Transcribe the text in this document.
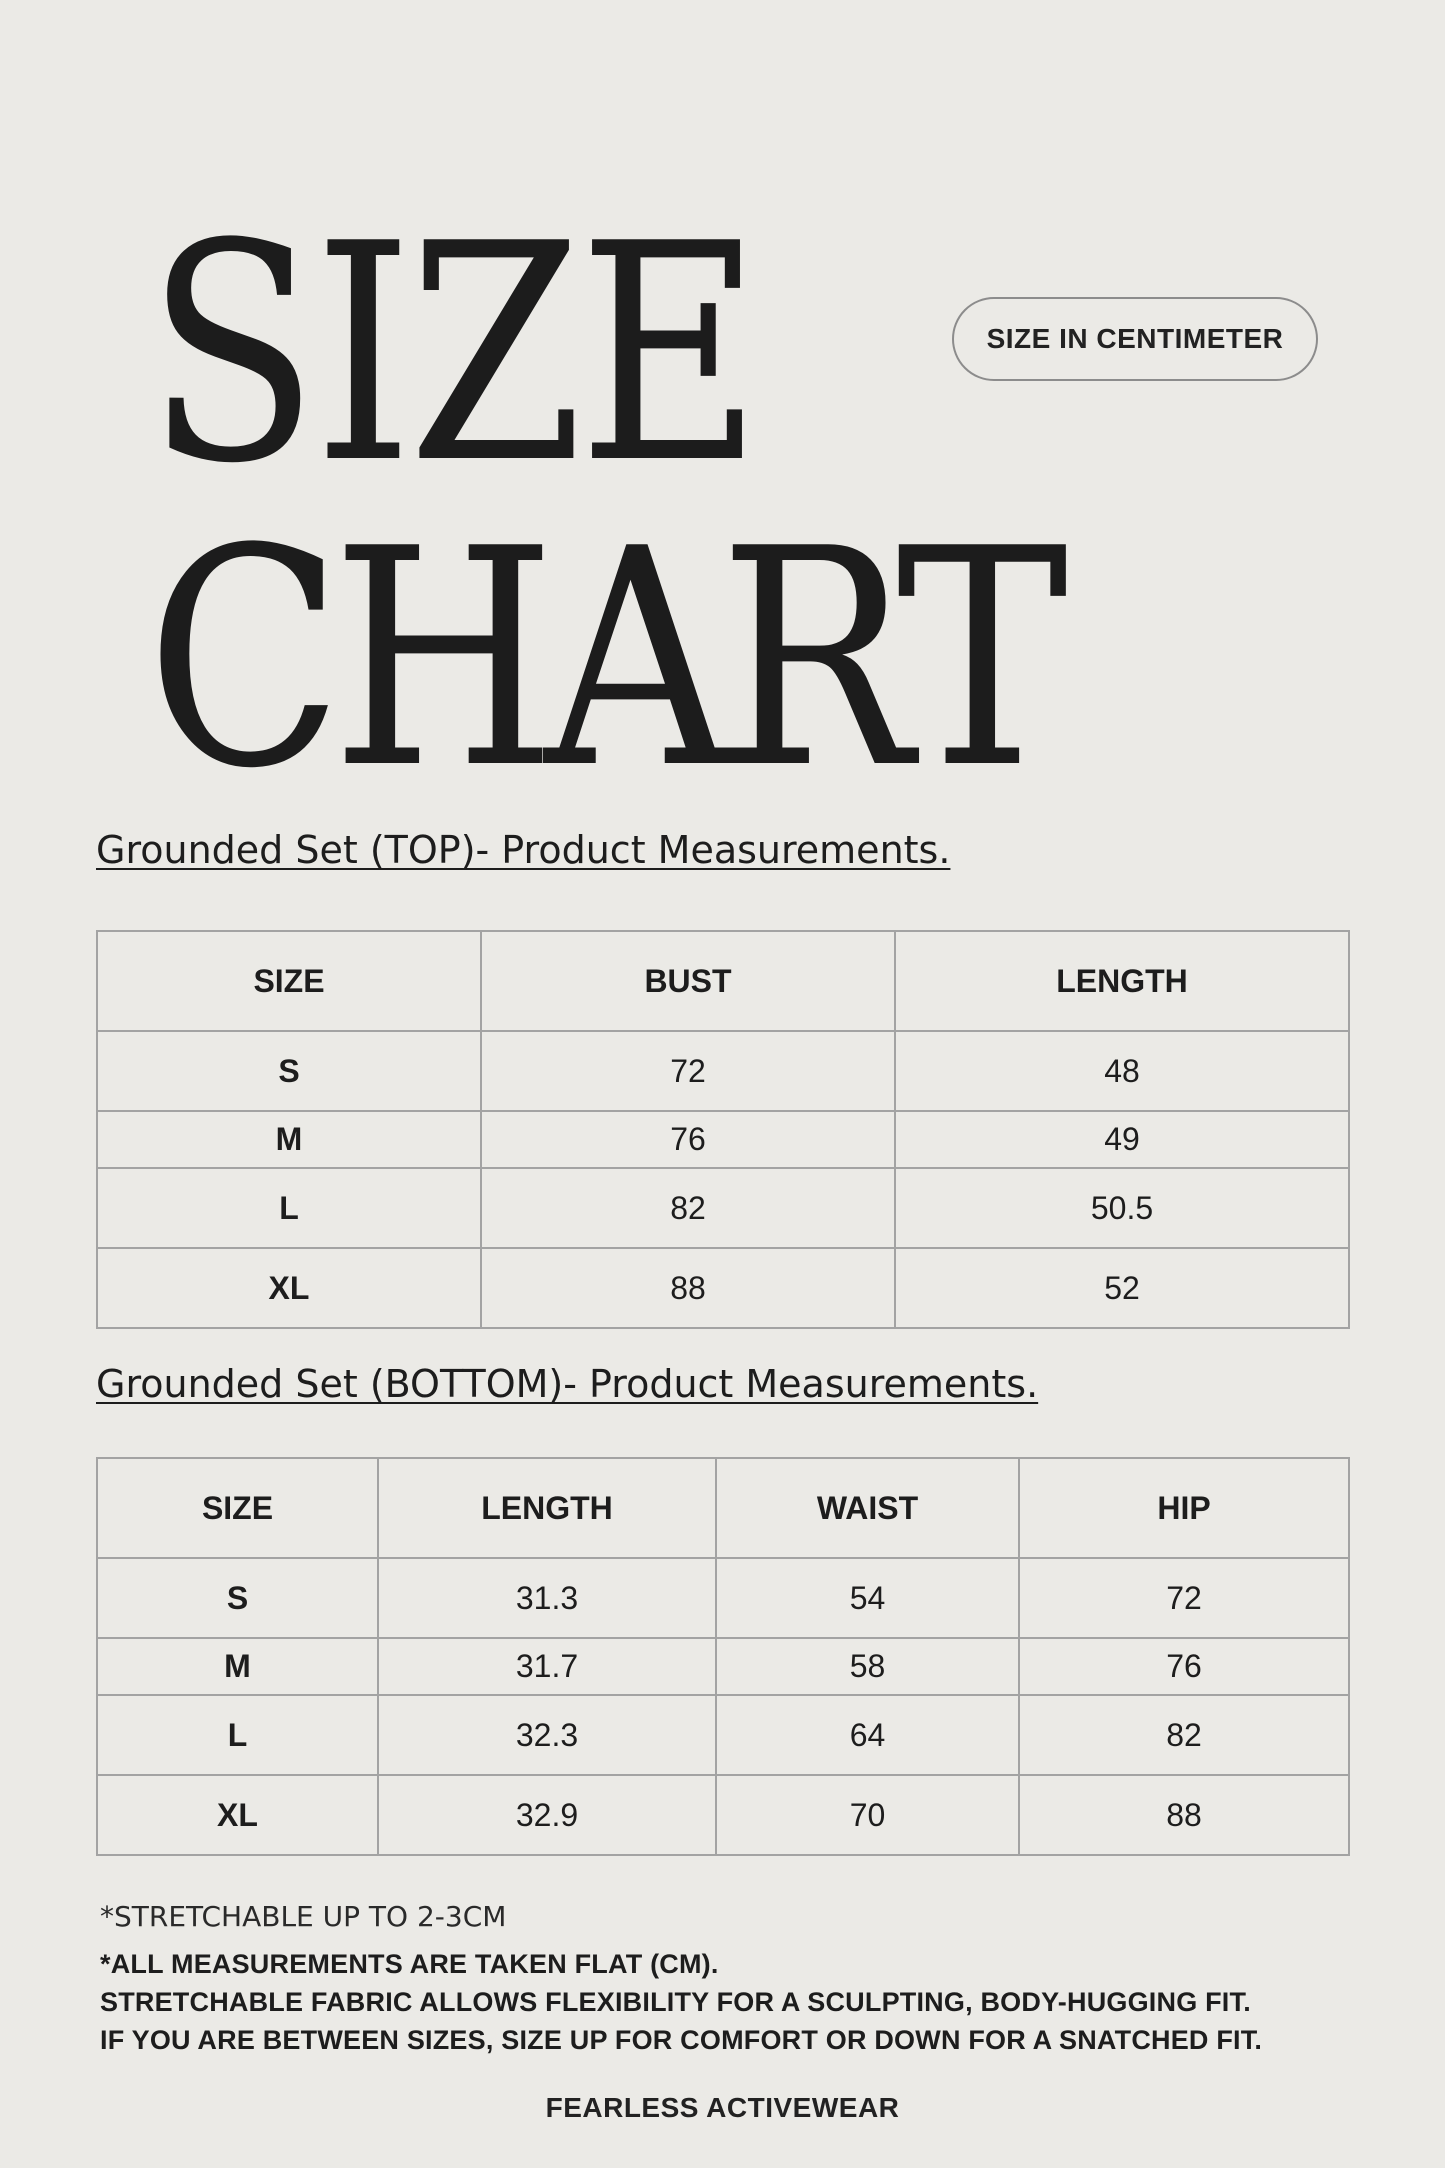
SIZE
CHART
SIZE IN CENTIMETER
Grounded Set (TOP)- Product Measurements.
SIZE	BUST	LENGTH
S	72	48
M	76	49
L	82	50.5
XL	88	52
Grounded Set (BOTTOM)- Product Measurements.
SIZE	LENGTH	WAIST	HIP
S	31.3	54	72
M	31.7	58	76
L	32.3	64	82
XL	32.9	70	88

*STRETCHABLE UP TO 2-3CM

*ALL MEASUREMENTS ARE TAKEN FLAT (CM).

STRETCHABLE FABRIC ALLOWS FLEXIBILITY FOR A SCULPTING, BODY-HUGGING FIT.

IF YOU ARE BETWEEN SIZES, SIZE UP FOR COMFORT OR DOWN FOR A SNATCHED FIT.

FEARLESS ACTIVEWEAR
